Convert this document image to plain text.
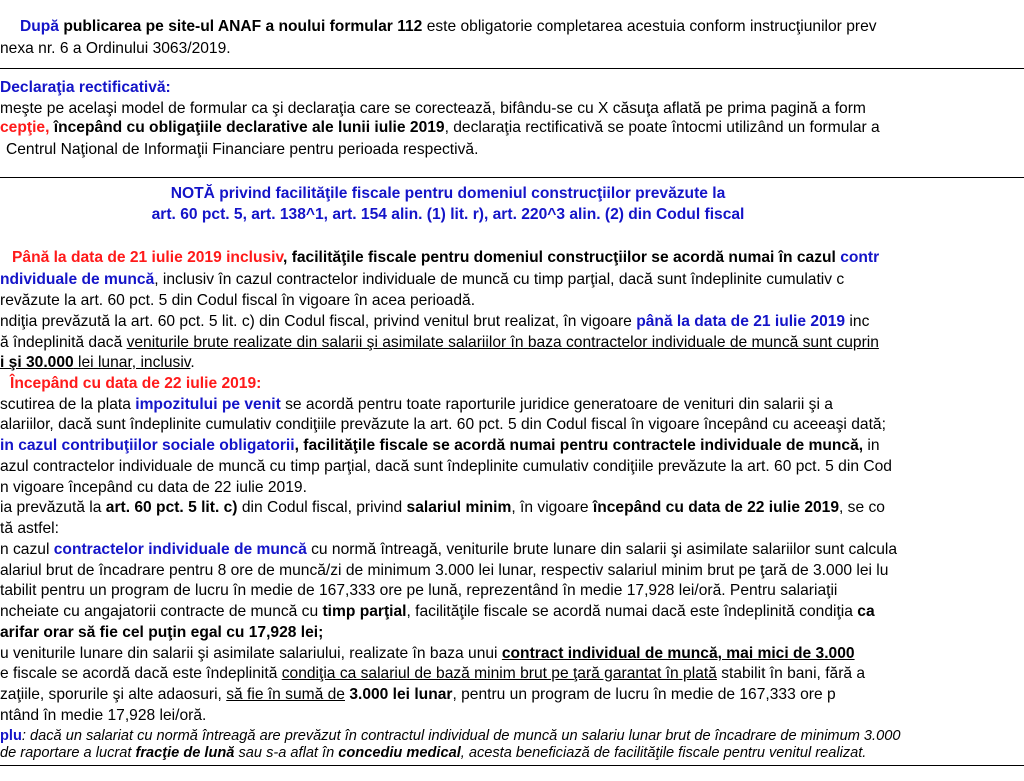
După publicarea pe site-ul ANAF a noului formular 112 este obligatorie completarea acestuia conform instrucţiunilor prev
nexa nr. 6 a Ordinului 3063/2019.
Declaraţia rectificativă:
meşte pe acelaşi model de formular ca şi declaraţia care se corectează, bifându-se cu X căsuţa aflată pe prima pagină a form
cepţie, începând cu obligaţiile declarative ale lunii iulie 2019, declaraţia rectificativă se poate întocmi utilizând un formular a
Centrul Naţional de Informaţii Financiare pentru perioada respectivă.
NOTĂ privind facilităţile fiscale pentru domeniul construcţiilor prevăzute la
art. 60 pct. 5, art. 138^1, art. 154 alin. (1) lit. r), art. 220^3 alin. (2) din Codul fiscal
Până la data de 21 iulie 2019 inclusiv, facilităţile fiscale pentru domeniul construcţiilor se acordă numai în cazul contr
ndividuale de muncă, inclusiv în cazul contractelor individuale de muncă cu timp parţial, dacă sunt îndeplinite cumulativ c
revăzute la art. 60 pct. 5 din Codul fiscal în vigoare în acea perioadă.
ndiţia prevăzută la art. 60 pct. 5 lit. c) din Codul fiscal, privind venitul brut realizat, în vigoare până la data de 21 iulie 2019 inc
ă îndeplinită dacă veniturile brute realizate din salarii şi asimilate salariilor în baza contractelor individuale de muncă sunt cuprin
i şi 30.000 lei lunar, inclusiv.
Începând cu data de 22 iulie 2019:
scutirea de la plata impozitului pe venit se acordă pentru toate raporturile juridice generatoare de venituri din salarii şi a
alariilor, dacă sunt îndeplinite cumulativ condiţiile prevăzute la art. 60 pct. 5 din Codul fiscal în vigoare începând cu aceeaşi dată;
in cazul contribuţiilor sociale obligatorii, facilităţile fiscale se acordă numai pentru contractele individuale de muncă, in
azul contractelor individuale de muncă cu timp parţial, dacă sunt îndeplinite cumulativ condiţiile prevăzute la art. 60 pct. 5 din Cod
n vigoare începând cu data de 22 iulie 2019.
ia prevăzută la art. 60 pct. 5 lit. c) din Codul fiscal, privind salariul minim, în vigoare începând cu data de 22 iulie 2019, se co
tă astfel:
n cazul contractelor individuale de muncă cu normă întreagă, veniturile brute lunare din salarii şi asimilate salariilor sunt calcula
alariul brut de încadrare pentru 8 ore de muncă/zi de minimum 3.000 lei lunar, respectiv salariul minim brut pe ţară de 3.000 lei lu
tabilit pentru un program de lucru în medie de 167,333 ore pe lună, reprezentând în medie 17,928 lei/oră. Pentru salariaţii
ncheiate cu angajatorii contracte de muncă cu timp parţial, facilităţile fiscale se acordă numai dacă este îndeplinită condiţia ca
arifar orar să fie cel puţin egal cu 17,928 lei;
u veniturile lunare din salarii şi asimilate salariului, realizate în baza unui contract individual de muncă, mai mici de 3.000
e fiscale se acordă dacă este îndeplinită condiţia ca salariul de bază minim brut pe ţară garantat în plată stabilit în bani, fără a
zaţiile, sporurile şi alte adaosuri, să fie în sumă de 3.000 lei lunar, pentru un program de lucru în medie de 167,333 ore p
ntând în medie 17,928 lei/oră.
plu: dacă un salariat cu normă întreagă are prevăzut în contractul individual de muncă un salariu lunar brut de încadrare de minimum 3.000
de raportare a lucrat fracţie de lună sau s-a aflat în concediu medical, acesta beneficiază de facilităţile fiscale pentru venitul realizat.
